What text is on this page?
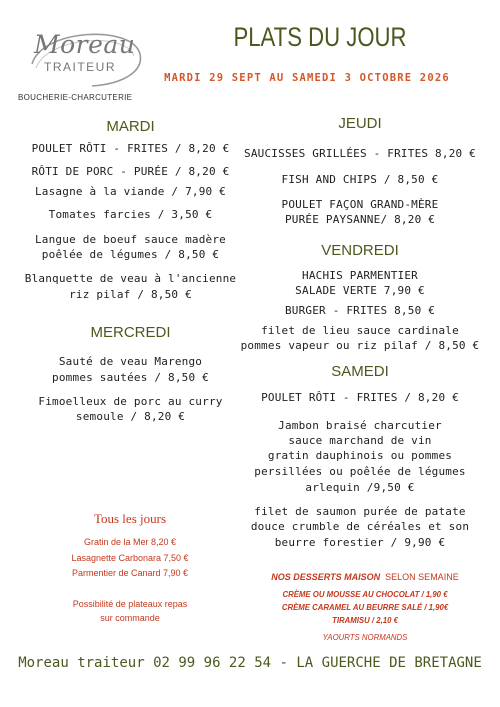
Moreau
TRAITEUR
BOUCHERIE-CHARCUTERIE
PLATS DU JOUR
MARDI 29 SEPT AU SAMEDI 3 OCTOBRE 2026
MARDI
POULET RÔTI - FRITES / 8,20 €
RÔTI DE PORC - PURÉE / 8,20 €
Lasagne à la viande / 7,90 €
Tomates farcies / 3,50 €
Langue de boeuf sauce madère
poêlée de légumes / 8,50 €
Blanquette de veau à l'ancienne
riz pilaf / 8,50 €
MERCREDI
Sauté de veau Marengo
pommes sautées / 8,50 €
Fimoelleux de porc au curry
semoule / 8,20 €
JEUDI
SAUCISSES GRILLÉES - FRITES 8,20 €
FISH AND CHIPS / 8,50 €
POULET FAÇON GRAND-MÈRE
PURÉE PAYSANNE/ 8,20 €
VENDREDI
HACHIS PARMENTIER
SALADE VERTE 7,90 €
BURGER - FRITES 8,50 €
filet de lieu sauce cardinale
pommes vapeur ou riz pilaf / 8,50 €
SAMEDI
POULET RÔTI - FRITES / 8,20 €
Jambon braisé charcutier
sauce marchand de vin
gratin dauphinois ou pommes
persillées ou poêlée de légumes
arlequin /9,50 €
filet de saumon purée de patate
douce crumble de céréales et son
beurre forestier / 9,90 €
Tous les jours
Gratin de la Mer 8,20 €
Lasagnette Carbonara 7,50 €
Parmentier de Canard 7,90 €
Possibilité de plateaux repas
sur commande
NOS DESSERTS MAISON SELON SEMAINE
CRÈME OU MOUSSE AU CHOCOLAT / 1,90 €
CRÈME CARAMEL AU BEURRE SALÉ / 1,90€
TIRAMISU / 2,10 €
YAOURTS NORMANDS
Moreau traiteur 02 99 96 22 54 - LA GUERCHE DE BRETAGNE
